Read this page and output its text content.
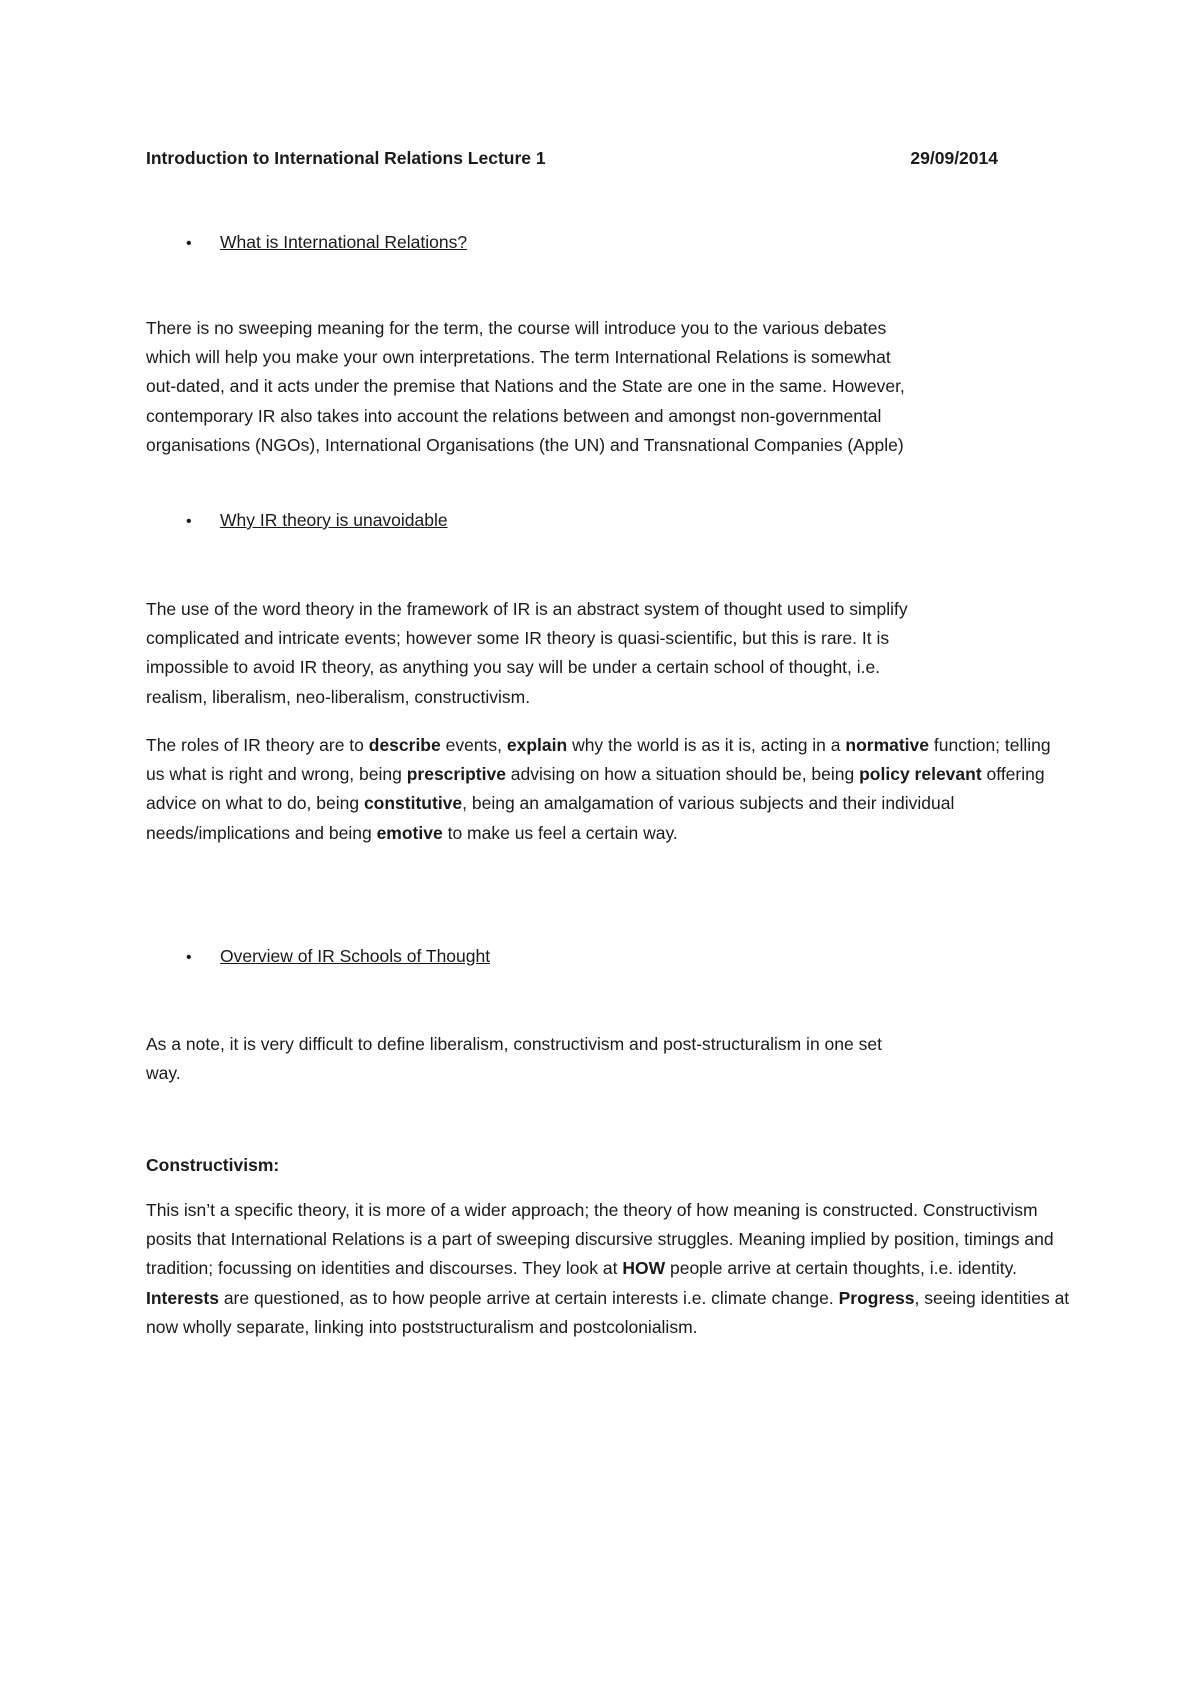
Introduction to International Relations Lecture 1	29/09/2014
• What is International Relations?

There is no sweeping meaning for the term, the course will introduce you to the various debates
which will help you make your own interpretations. The term International Relations is somewhat
out-dated, and it acts under the premise that Nations and the State are one in the same. However,
contemporary IR also takes into account the relations between and amongst non-governmental
organisations (NGOs), International Organisations (the UN) and Transnational Companies (Apple)

• Why IR theory is unavoidable

The use of the word theory in the framework of IR is an abstract system of thought used to simplify
complicated and intricate events; however some IR theory is quasi-scientific, but this is rare. It is
impossible to avoid IR theory, as anything you say will be under a certain school of thought, i.e.
realism, liberalism, neo-liberalism, constructivism.

The roles of IR theory are to describe events, explain why the world is as it is, acting in a normative function; telling us what is right and wrong, being prescriptive advising on how a situation should be, being policy relevant offering advice on what to do, being constitutive, being an amalgamation of various subjects and their individual needs/implications and being emotive to make us feel a certain way.

• Overview of IR Schools of Thought

As a note, it is very difficult to define liberalism, constructivism and post-structuralism in one set
way.

Constructivism:

This isn’t a specific theory, it is more of a wider approach; the theory of how meaning is constructed. Constructivism posits that International Relations is a part of sweeping discursive struggles. Meaning implied by position, timings and tradition; focussing on identities and discourses. They look at HOW people arrive at certain thoughts, i.e. identity. Interests are questioned, as to how people arrive at certain interests i.e. climate change. Progress, seeing identities at now wholly separate, linking into poststructuralism and postcolonialism.
